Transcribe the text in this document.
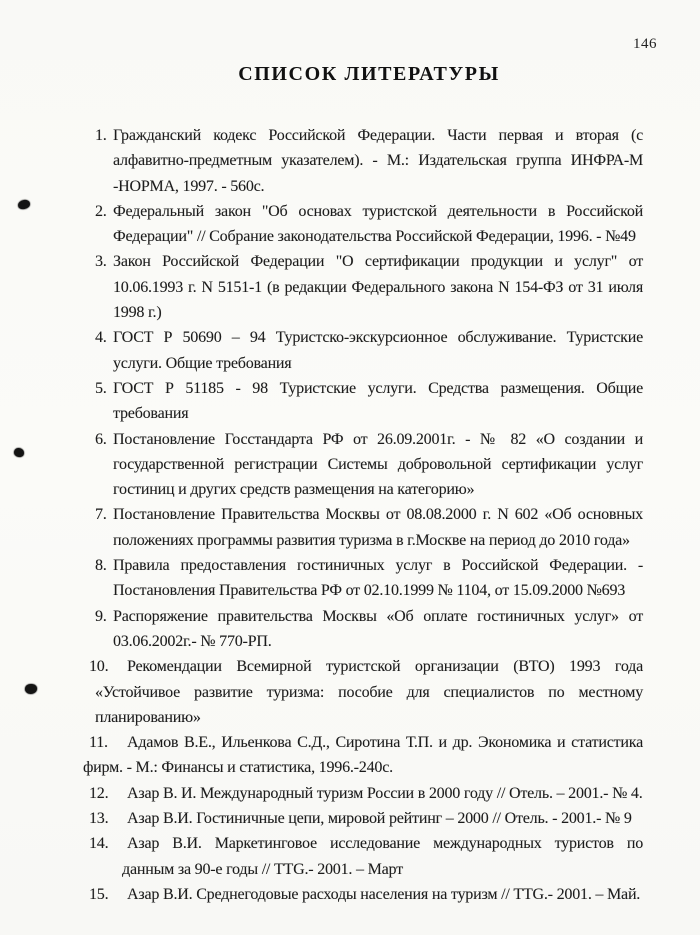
146
СПИСОК ЛИТЕРАТУРЫ
1. Гражданский кодекс Российской Федерации. Части первая и вторая (с алфавитно-предметным указателем). - М.: Издательская группа ИНФРА-М -НОРМА, 1997. - 560с.
2. Федеральный закон "Об основах туристской деятельности в Российской Федерации" // Собрание законодательства Российской Федерации, 1996. - №49
3. Закон Российской Федерации "О сертификации продукции и услуг" от 10.06.1993 г. N 5151-1 (в редакции Федерального закона N 154-ФЗ от 31 июля 1998 г.)
4. ГОСТ Р 50690 – 94 Туристско-экскурсионное обслуживание. Туристские услуги. Общие требования
5. ГОСТ Р 51185 - 98 Туристские услуги. Средства размещения. Общие требования
6. Постановление Госстандарта РФ от 26.09.2001г. - № 82 «О создании и государственной регистрации Системы добровольной сертификации услуг гостиниц и других средств размещения на категорию»
7. Постановление Правительства Москвы от 08.08.2000 г. N 602 «Об основных положениях программы развития туризма в г.Москве на период до 2010 года»
8. Правила предоставления гостиничных услуг в Российской Федерации. - Постановления Правительства РФ от 02.10.1999 № 1104, от 15.09.2000 №693
9. Распоряжение правительства Москвы «Об оплате гостиничных услуг» от 03.06.2002г.- № 770-РП.
10. Рекомендации Всемирной туристской организации (ВТО) 1993 года «Устойчивое развитие туризма: пособие для специалистов по местному планированию»
11. Адамов В.Е., Ильенкова С.Д., Сиротина Т.П. и др. Экономика и статистика фирм. - М.: Финансы и статистика, 1996.-240с.
12. Азар В. И. Международный туризм России в 2000 году // Отель. – 2001.- № 4.
13. Азар В.И. Гостиничные цепи, мировой рейтинг – 2000 // Отель. - 2001.- № 9
14. Азар В.И. Маркетинговое исследование международных туристов по данным за 90-е годы // TTG.- 2001. – Март
15. Азар В.И. Среднегодовые расходы населения на туризм // TTG.- 2001. – Май.
